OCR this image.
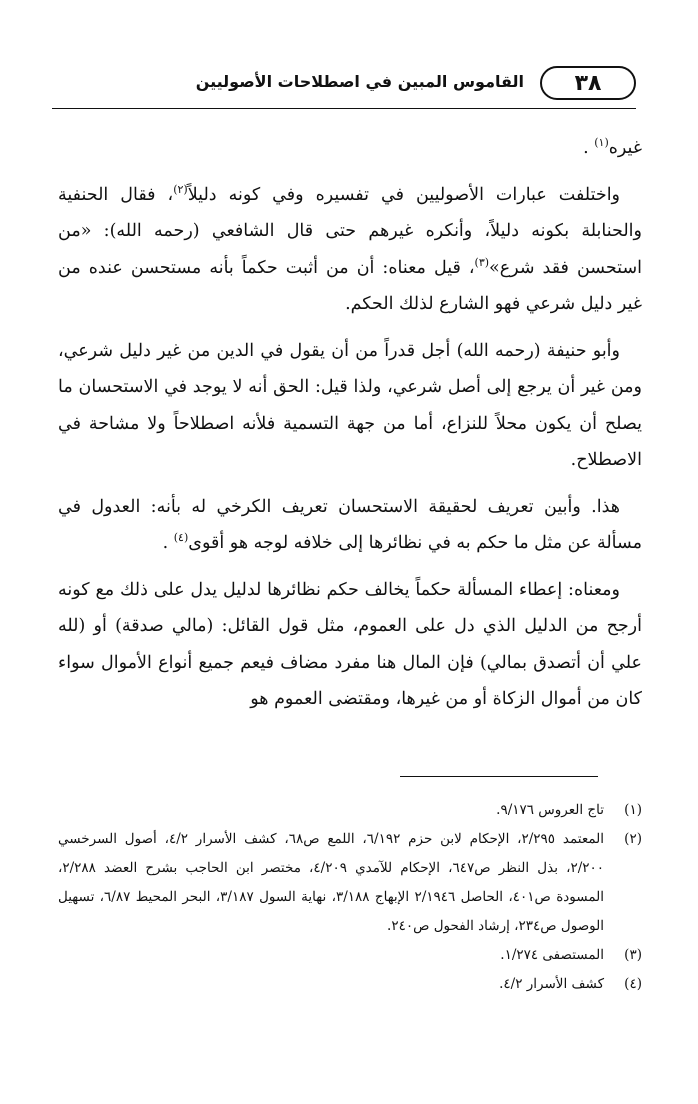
٣٨
القاموس المبين في اصطلاحات الأصوليين

غيره$^{(١)}$ .

واختلفت عبارات الأصوليين في تفسيره وفي كونه دليلاً$^{(٢)}$، فقال الحنفية والحنابلة بكونه دليلاً، وأنكره غيرهم حتى قال الشافعي (رحمه الله): «من استحسن فقد شرع»$^{(٣)}$، قيل معناه: أن من أثبت حكماً بأنه مستحسن عنده من غير دليل شرعي فهو الشارع لذلك الحكم.

وأبو حنيفة (رحمه الله) أجل قدراً من أن يقول في الدين من غير دليل شرعي، ومن غير أن يرجع إلى أصل شرعي، ولذا قيل: الحق أنه لا يوجد في الاستحسان ما يصلح أن يكون محلاً للنزاع، أما من جهة التسمية فلأنه اصطلاحاً ولا مشاحة في الاصطلاح.

هذا. وأبين تعريف لحقيقة الاستحسان تعريف الكرخي له بأنه: العدول في مسألة عن مثل ما حكم به في نظائرها إلى خلافه لوجه هو أقوى$^{(٤)}$ .

ومعناه: إعطاء المسألة حكماً يخالف حكم نظائرها لدليل يدل على ذلك مع كونه أرجح من الدليل الذي دل على العموم، مثل قول القائل: (مالي صدقة) أو (لله علي أن أتصدق بمالي) فإن المال هنا مفرد مضاف فيعم جميع أنواع الأموال سواء كان من أموال الزكاة أو من غيرها، ومقتضى العموم هو

(١)
تاج العروس ٩/١٧٦.
(٢)
المعتمد ٢/٢٩٥، الإحكام لابن حزم ٦/١٩٢، اللمع ص٦٨، كشف الأسرار ٤/٢، أصول السرخسي ٢/٢٠٠، بذل النظر ص٦٤٧، الإحكام للآمدي ٤/٢٠٩، مختصر ابن الحاجب بشرح العضد ٢/٢٨٨، المسودة ص٤٠١، الحاصل ٢/١٩٤٦ الإبهاج ٣/١٨٨، نهاية السول ٣/١٨٧، البحر المحيط ٦/٨٧، تسهيل الوصول ص٢٣٤، إرشاد الفحول ص٢٤٠.
(٣)
المستصفى ١/٢٧٤.
(٤)
كشف الأسرار ٤/٢.
